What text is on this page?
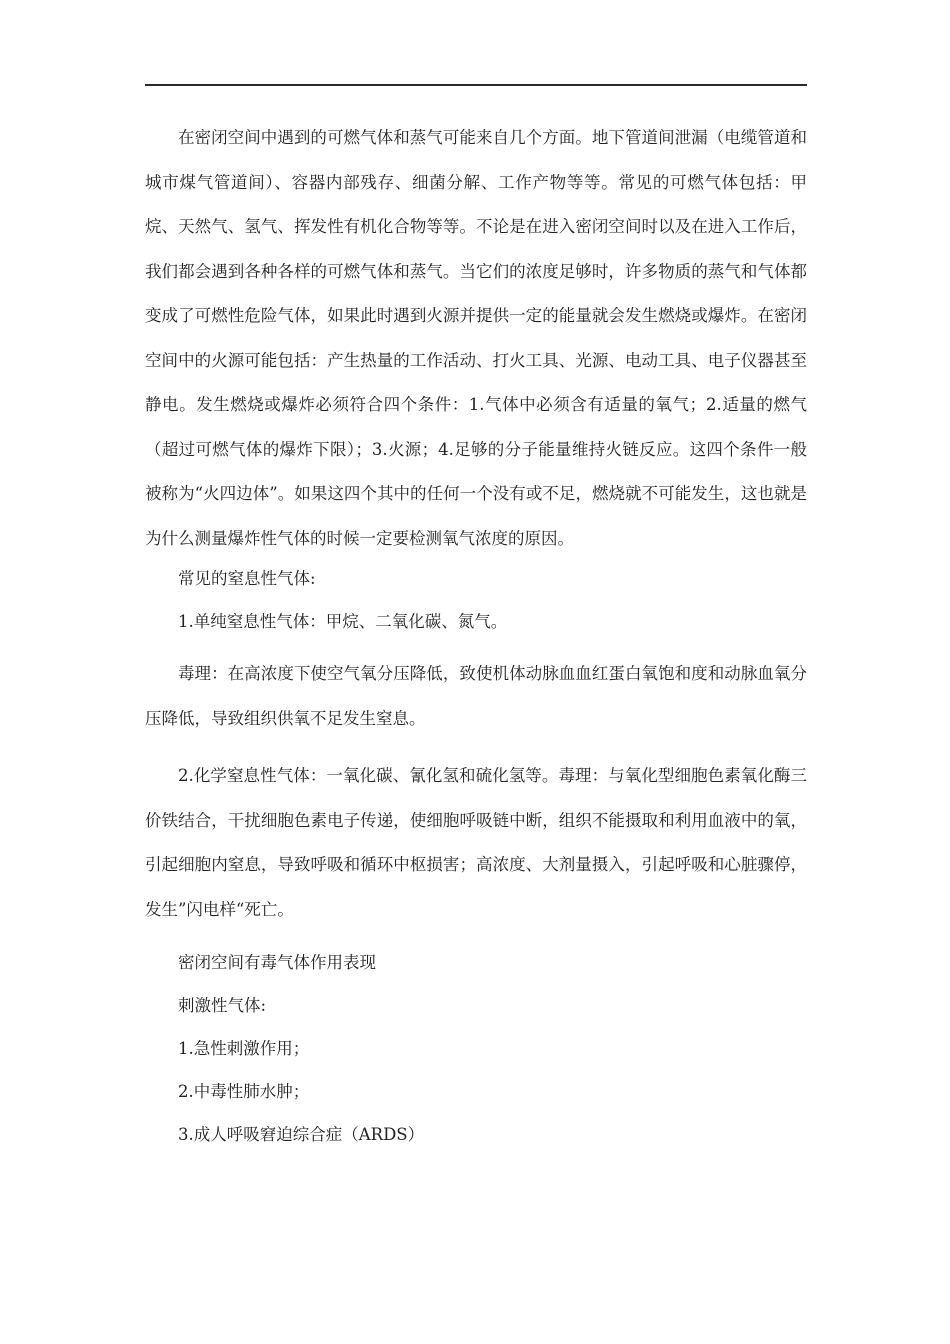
在密闭空间中遇到的可燃气体和蒸气可能来自几个方面。地下管道间泄漏（电缆管道和城市煤气管道间）、容器内部残存、细菌分解、工作产物等等。常见的可燃气体包括：甲烷、天然气、氢气、挥发性有机化合物等等。不论是在进入密闭空间时以及在进入工作后，我们都会遇到各种各样的可燃气体和蒸气。当它们的浓度足够时，许多物质的蒸气和气体都变成了可燃性危险气体，如果此时遇到火源并提供一定的能量就会发生燃烧或爆炸。在密闭空间中的火源可能包括：产生热量的工作活动、打火工具、光源、电动工具、电子仪器甚至静电。发生燃烧或爆炸必须符合四个条件：1.气体中必须含有适量的氧气；2.适量的燃气（超过可燃气体的爆炸下限）；3.火源；4.足够的分子能量维持火链反应。这四个条件一般被称为“火四边体”。如果这四个其中的任何一个没有或不足，燃烧就不可能发生，这也就是为什么测量爆炸性气体的时候一定要检测氧气浓度的原因。

常见的窒息性气体:

1.单纯窒息性气体：甲烷、二氧化碳、氮气。

毒理：在高浓度下使空气氧分压降低，致使机体动脉血血红蛋白氧饱和度和动脉血氧分压降低，导致组织供氧不足发生窒息。

2.化学窒息性气体：一氧化碳、氰化氢和硫化氢等。毒理：与氧化型细胞色素氧化酶三价铁结合，干扰细胞色素电子传递，使细胞呼吸链中断，组织不能摄取和利用血液中的氧，引起细胞内窒息，导致呼吸和循环中枢损害；高浓度、大剂量摄入，引起呼吸和心脏骤停，发生”闪电样“死亡。

密闭空间有毒气体作用表现

刺激性气体:

1.急性刺激作用；

2.中毒性肺水肿；

3.成人呼吸窘迫综合症（ARDS）
